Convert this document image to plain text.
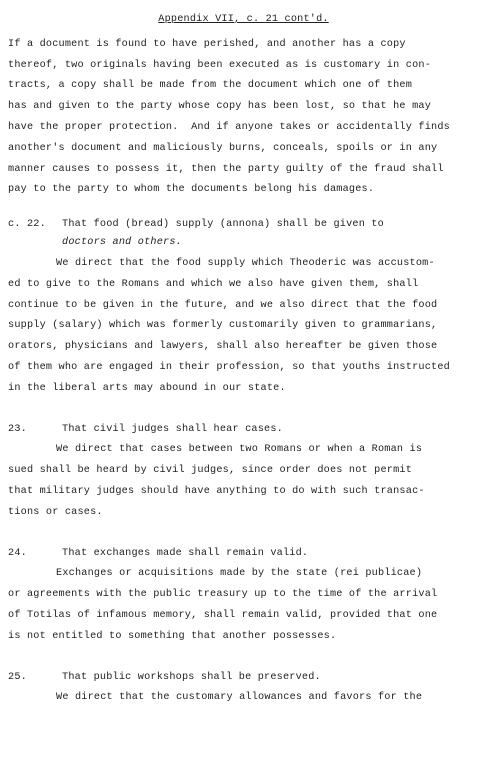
Appendix VII, c. 21 cont'd.
If a document is found to have perished, and another has a copy
thereof, two originals having been executed as is customary in con-
tracts, a copy shall be made from the document which one of them
has and given to the party whose copy has been lost, so that he may
have the proper protection.  And if anyone takes or accidentally finds
another's document and maliciously burns, conceals, spoils or in any
manner causes to possess it, then the party guilty of the fraud shall
pay to the party to whom the documents belong his damages.
c. 22. That food (bread) supply (annona) shall be given to
doctors and others.
We direct that the food supply which Theoderic was accustom-
ed to give to the Romans and which we also have given them, shall
continue to be given in the future, and we also direct that the food
supply (salary) which was formerly customarily given to grammarians,
orators, physicians and lawyers, shall also hereafter be given those
of them who are engaged in their profession, so that youths instructed
in the liberal arts may abound in our state.
23.	That civil judges shall hear cases.
We direct that cases between two Romans or when a Roman is
sued shall be heard by civil judges, since order does not permit
that military judges should have anything to do with such transac-
tions or cases.
24.	That exchanges made shall remain valid.
Exchanges or acquisitions made by the state (rei publicae)
or agreements with the public treasury up to the time of the arrival
of Totilas of infamous memory, shall remain valid, provided that one
is not entitled to something that another possesses.
25.	That public workshops shall be preserved.
We direct that the customary allowances and favors for the
